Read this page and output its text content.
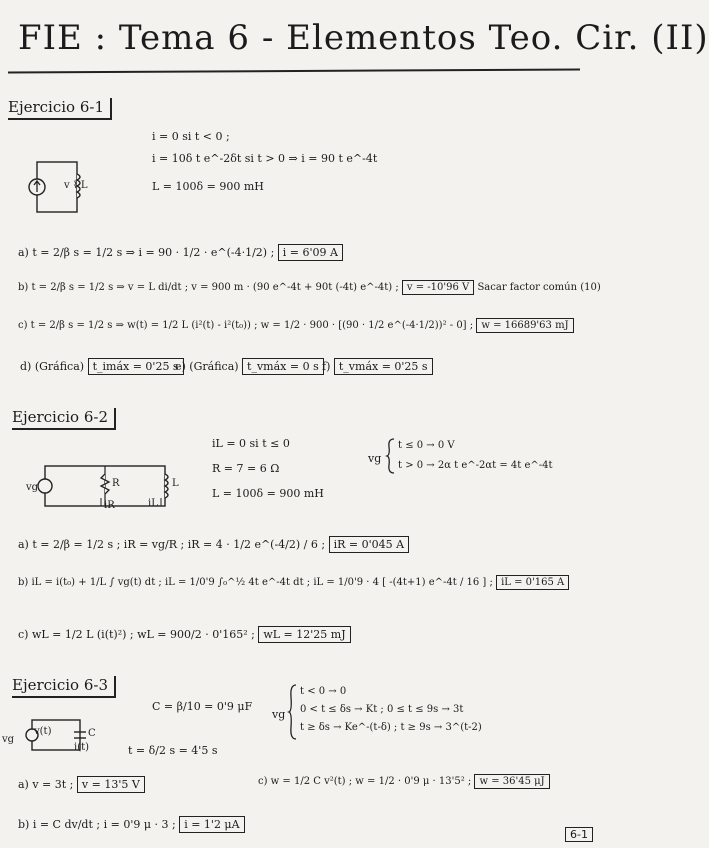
FIE : Tema 6 - Elementos Teo. Cir. (II)
Ejercicio 6-1
i = 0 si t < 0 ;
i = 10δ t e^-2δt si t > 0 ⇒ i = 90 t e^-4t
L = 100δ = 900 mH
v ⌇ L
a) t = 2/β s = 1/2 s ⇒ i = 90 · 1/2 · e^(-4·1/2) ; i = 6'09 A
b) t = 2/β s = 1/2 s ⇒ v = L di/dt ; v = 900 m · (90 e^-4t + 90t (-4t) e^-4t) ; v = -10'96 V Sacar factor común (10)
c) t = 2/β s = 1/2 s ⇒ w(t) = 1/2 L (i²(t) - i²(t₀)) ; w = 1/2 · 900 · [(90 · 1/2 e^(-4·1/2))² - 0] ; w = 16689'63 mJ
d) (Gráfica) t_imáx = 0'25 s
e) (Gráfica) t_vmáx = 0 s f) t_vmáx = 0'25 s
Ejercicio 6-2
iL = 0 si t ≤ 0
R = 7 = 6 Ω
L = 100δ = 900 mH
vg
t ≤ 0 → 0 V
t > 0 → 2α t e^-2αt = 4t e^-4t
vg	R
iR	iL
L
a) t = 2/β = 1/2 s ; iR = vg/R ; iR = 4 · 1/2 e^(-4/2) / 6 ; iR = 0'045 A
b) iL = i(t₀) + 1/L ∫ vg(t) dt ; iL = 1/0'9 ∫₀^½ 4t e^-4t dt ; iL = 1/0'9 · 4 [ -(4t+1) e^-4t / 16 ] ; iL = 0'165 A
c) wL = 1/2 L (i(t)²) ; wL = 900/2 · 0'165² ; wL = 12'25 mJ
Ejercicio 6-3
C = β/10 = 0'9 μF
t = δ/2 s = 4'5 s
vg
t < 0 → 0
0 < t ≤ δs → Kt ; 0 ≤ t ≤ 9s → 3t
t ≥ δs → Ke^-(t-δ) ; t ≥ 9s → 3^(t-2)
vg
v(t)	C
i(t)
a) v = 3t ; v = 13'5 V	c) w = 1/2 C v²(t) ; w = 1/2 · 0'9 μ · 13'5² ; w = 36'45 μJ
b) i = C dv/dt ; i = 0'9 μ · 3 ; i = 1'2 μA
6-1
